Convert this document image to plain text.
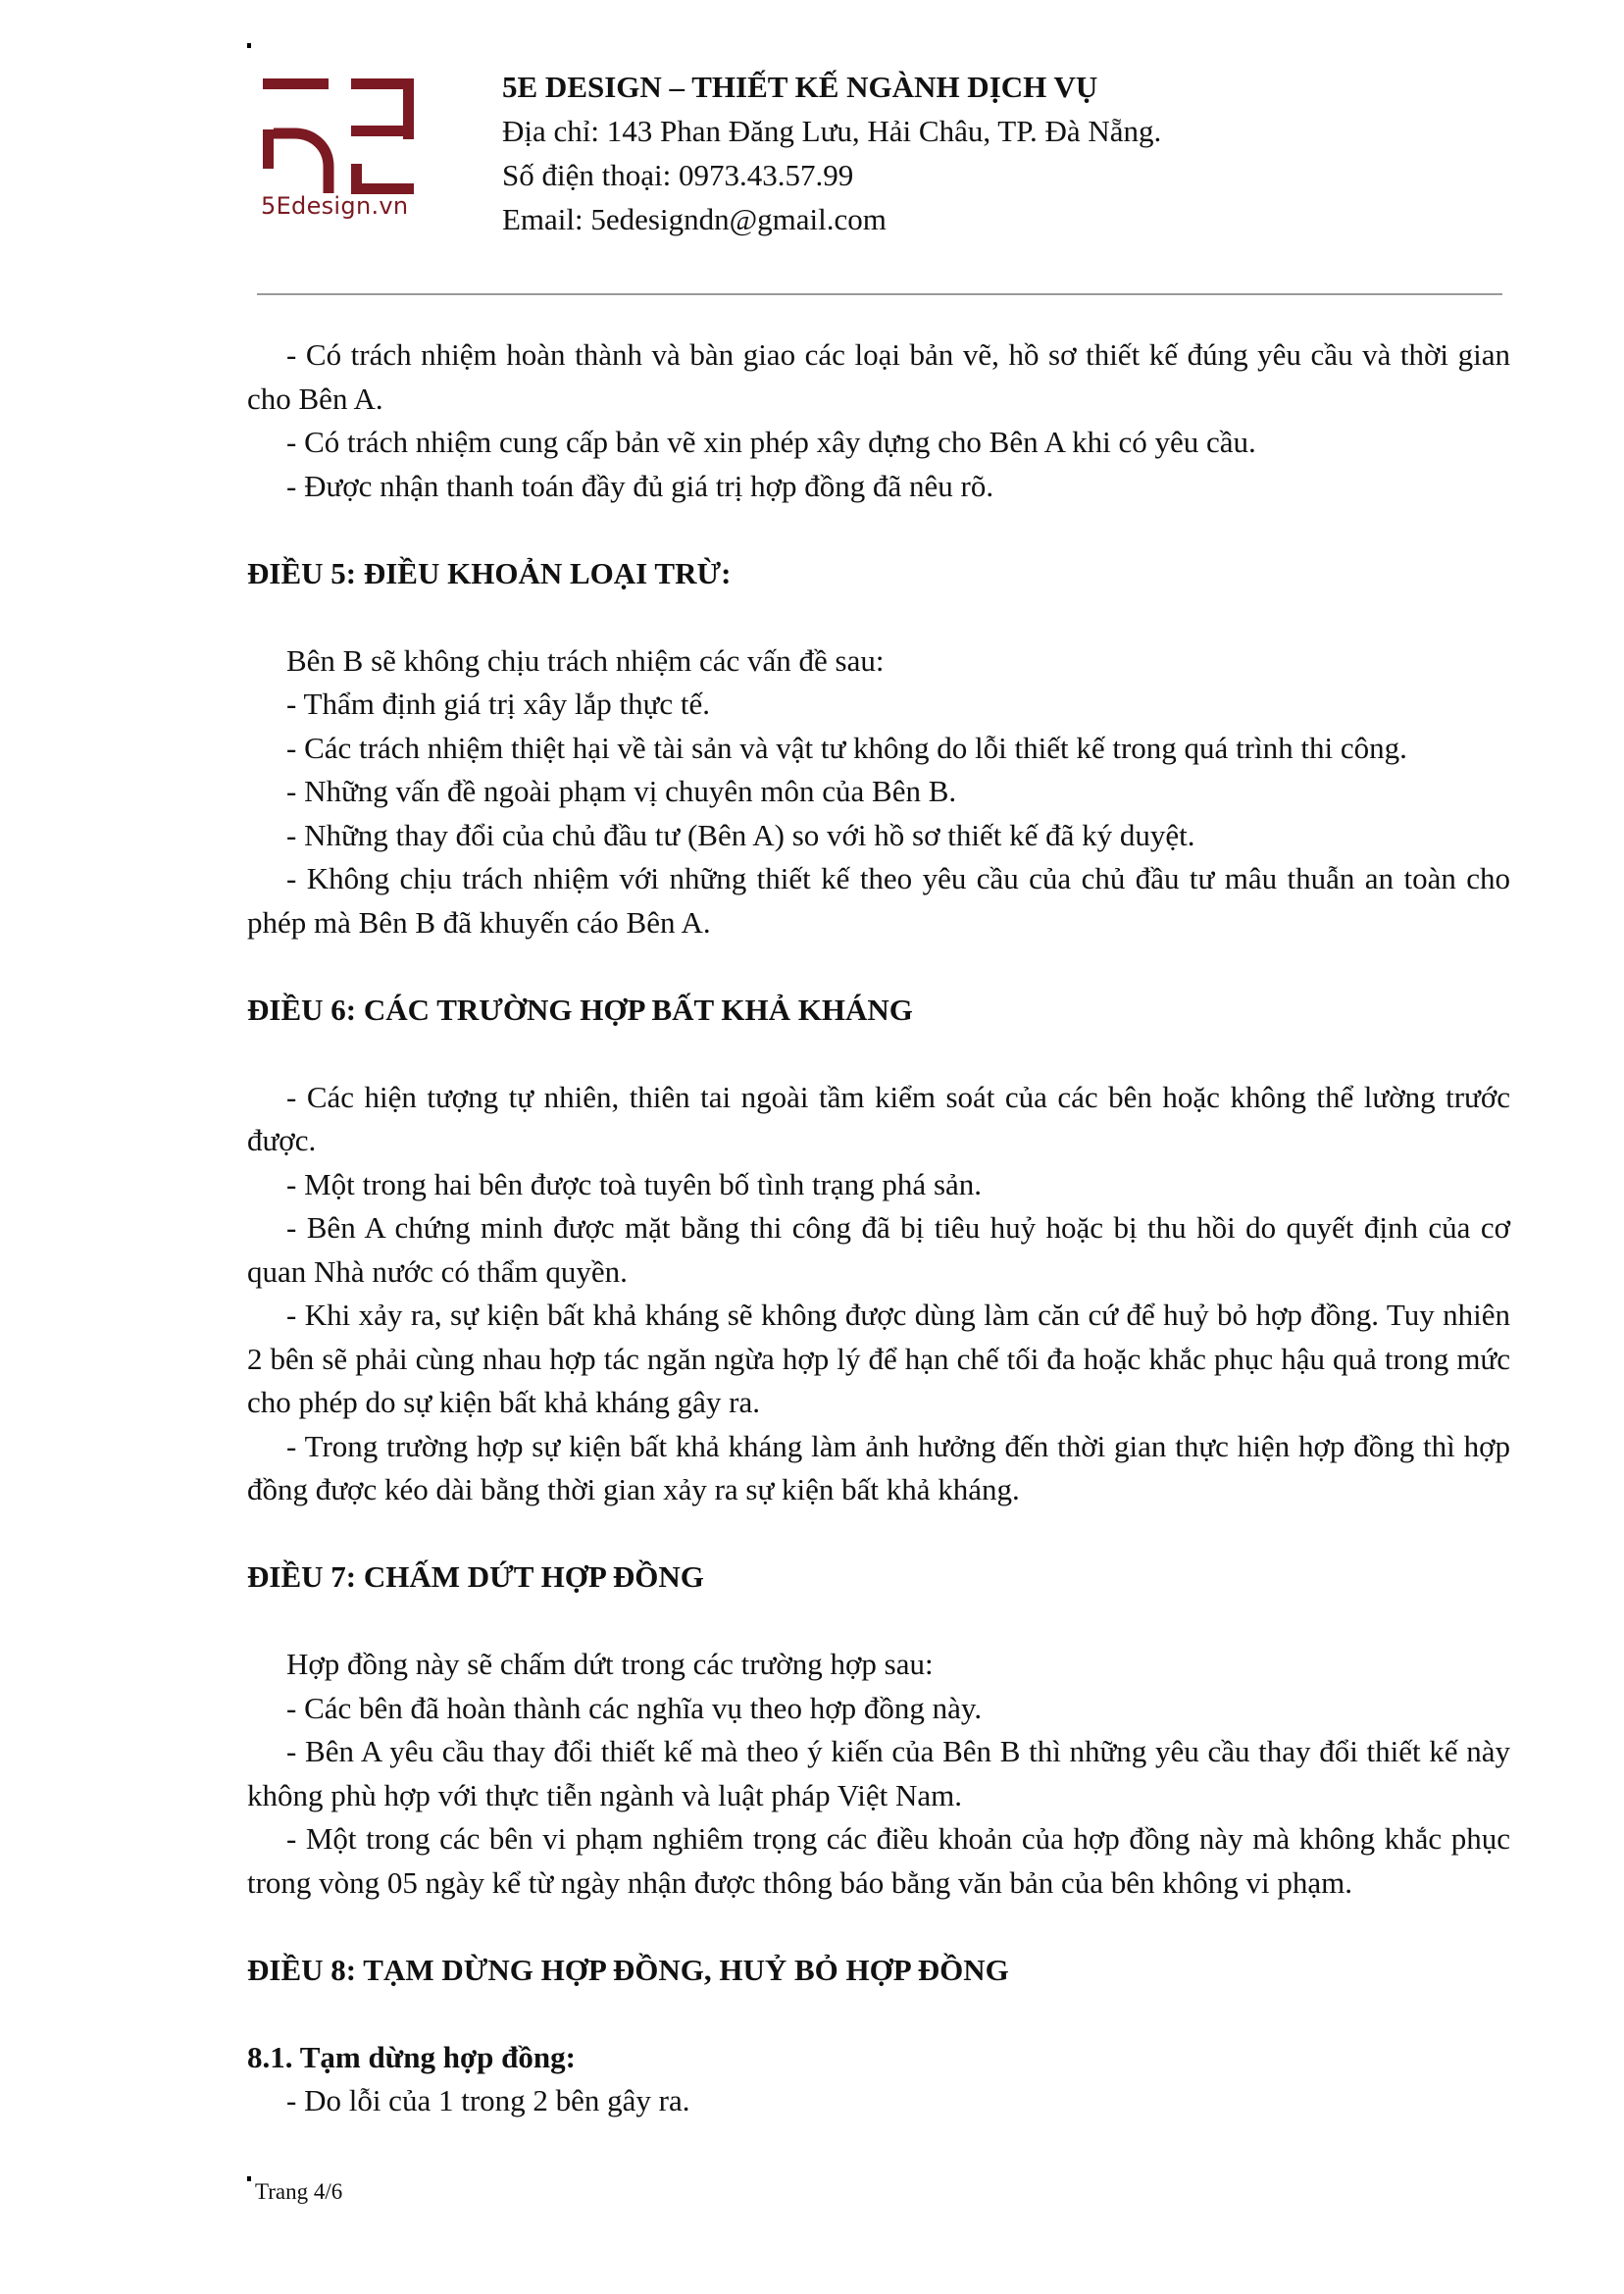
5Edesign.vn
5E DESIGN – THIẾT KẾ NGÀNH DỊCH VỤ
Địa chỉ: 143 Phan Đăng Lưu, Hải Châu, TP. Đà Nẵng.
Số điện thoại: 0973.43.57.99
Email: 5edesigndn@gmail.com

- Có trách nhiệm hoàn thành và bàn giao các loại bản vẽ, hồ sơ thiết kế đúng yêu cầu và thời gian cho Bên A.

- Có trách nhiệm cung cấp bản vẽ xin phép xây dựng cho Bên A khi có yêu cầu.

- Được nhận thanh toán đầy đủ giá trị hợp đồng đã nêu rõ.

ĐIỀU 5: ĐIỀU KHOẢN LOẠI TRỪ:

Bên B sẽ không chịu trách nhiệm các vấn đề sau:

- Thẩm định giá trị xây lắp thực tế.

- Các trách nhiệm thiệt hại về tài sản và vật tư không do lỗi thiết kế trong quá trình thi công.

- Những vấn đề ngoài phạm vị chuyên môn của Bên B.

- Những thay đổi của chủ đầu tư (Bên A) so với hồ sơ thiết kế đã ký duyệt.

- Không chịu trách nhiệm với những thiết kế theo yêu cầu của chủ đầu tư mâu thuẫn an toàn cho phép mà Bên B đã khuyến cáo Bên A.

ĐIỀU 6: CÁC TRƯỜNG HỢP BẤT KHẢ KHÁNG

- Các hiện tượng tự nhiên, thiên tai ngoài tầm kiểm soát của các bên hoặc không thể lường trước được.

- Một trong hai bên được toà tuyên bố tình trạng phá sản.

- Bên A chứng minh được mặt bằng thi công đã bị tiêu huỷ hoặc bị thu hồi do quyết định của cơ quan Nhà nước có thẩm quyền.

- Khi xảy ra, sự kiện bất khả kháng sẽ không được dùng làm căn cứ để huỷ bỏ hợp đồng. Tuy nhiên 2 bên sẽ phải cùng nhau hợp tác ngăn ngừa hợp lý để hạn chế tối đa hoặc khắc phục hậu quả trong mức cho phép do sự kiện bất khả kháng gây ra.

- Trong trường hợp sự kiện bất khả kháng làm ảnh hưởng đến thời gian thực hiện hợp đồng thì hợp đồng được kéo dài bằng thời gian xảy ra sự kiện bất khả kháng.

ĐIỀU 7: CHẤM DỨT HỢP ĐỒNG

Hợp đồng này sẽ chấm dứt trong các trường hợp sau:

- Các bên đã hoàn thành các nghĩa vụ theo hợp đồng này.

- Bên A yêu cầu thay đổi thiết kế mà theo ý kiến của Bên B thì những yêu cầu thay đổi thiết kế này không phù hợp với thực tiễn ngành và luật pháp Việt Nam.

- Một trong các bên vi phạm nghiêm trọng các điều khoản của hợp đồng này mà không khắc phục trong vòng 05 ngày kể từ ngày nhận được thông báo bằng văn bản của bên không vi phạm.

ĐIỀU 8: TẠM DỪNG HỢP ĐỒNG, HUỶ BỎ HỢP ĐỒNG

8.1. Tạm dừng hợp đồng:

- Do lỗi của 1 trong 2 bên gây ra.

Trang 4/6
